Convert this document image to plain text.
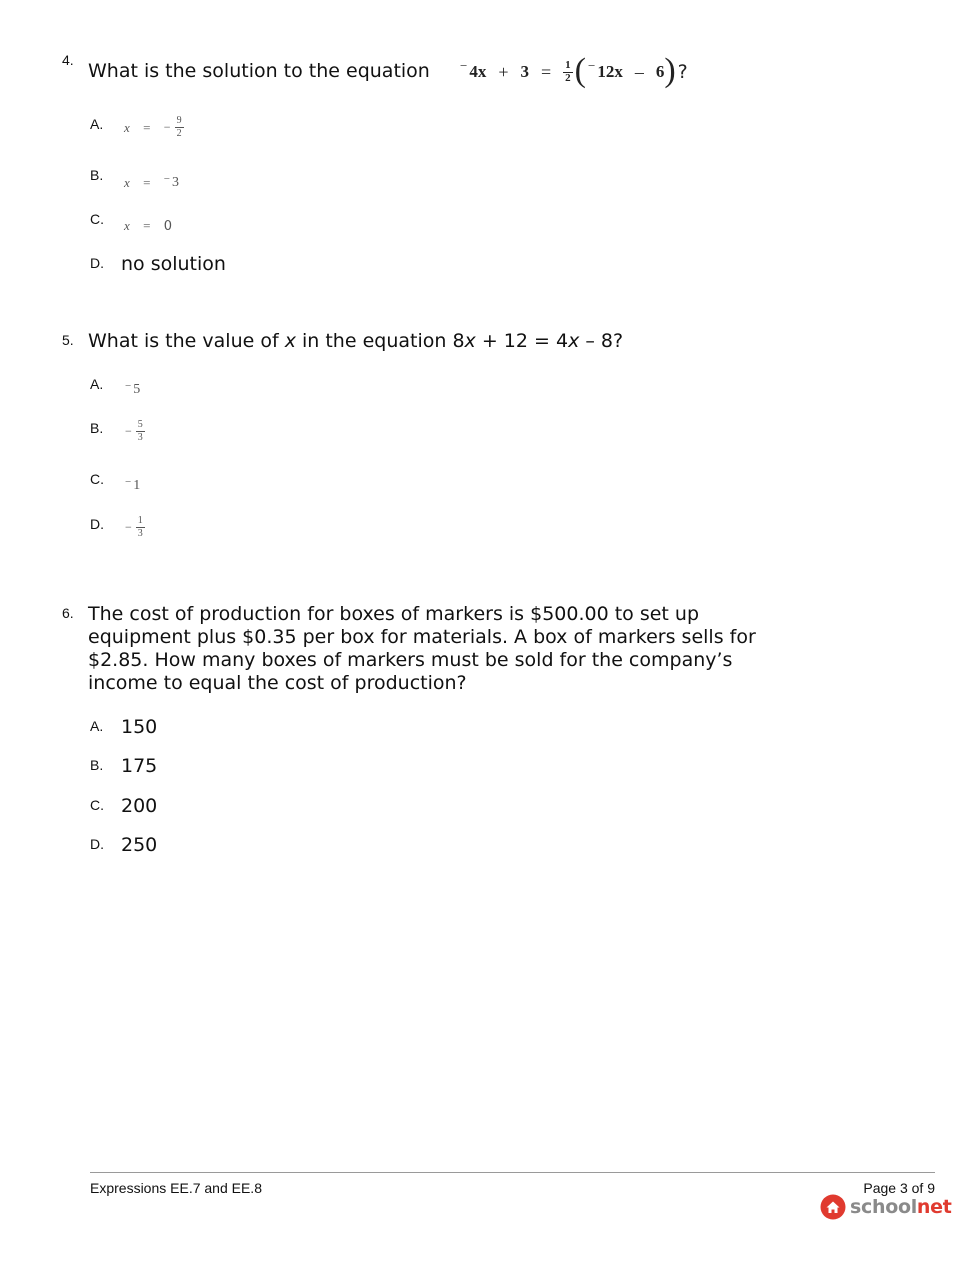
4. What is the solution to the equation − $4x + 3 = \frac{1}{2}$ ( − 12x – 6 ) ?
A. x	=	− $\frac{9}{2}$
B. x	=	− 3
C. x	=	0
D. no solution
5. What is the value of x in the equation 8x + 12 = 4x – 8?
A. − 5
B. − $\frac{5}{3}$
C. − 1
D. − $\frac{1}{3}$
6. The cost of production for boxes of markers is $500.00 to set up
equipment plus $0.35 per box for materials. A box of markers sells for
$2.85. How many boxes of markers must be sold for the company’s
income to equal the cost of production?
A. 150
B. 175
C. 200
D. 250
Expressions EE.7 and EE.8	Page 3 of 9
schoolnet
